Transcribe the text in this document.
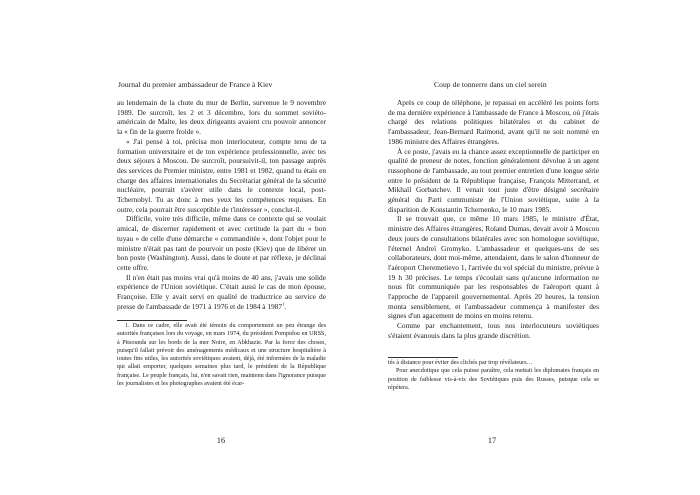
Journal du premier ambassadeur de France à Kiev

au lendemain de la chute du mur de Berlin, survenue le 9 novembre 1989. De surcroît, les 2 et 3 décembre, lors du sommet soviéto-américain de Malte, les deux dirigeants avaient cru pouvoir annoncer la « fin de la guerre froide ».

« J'ai pensé à toi, précisa mon interlocuteur, compte tenu de ta formation universitaire et de ton expérience professionnelle, avec tes deux séjours à Moscou. De surcroît, poursuivit-il, ton passage auprès des services du Premier ministre, entre 1981 et 1982, quand tu étais en charge des affaires internationales du Secrétariat général de la sécurité nucléaire, pourrait s'avérer utile dans le contexte local, post-Tchernobyl. Tu as donc à mes yeux les compétences requises. En outre, cela pourrait être susceptible de t'intéresser », conclut-il.

Difficile, voire très difficile, même dans ce contexte qui se voulait amical, de discerner rapidement et avec certitude la part du « bon tuyau » de celle d'une démarche « commanditée », dont l'objet pour le ministre n'était pas tant de pourvoir un poste (Kiev) que de libérer un bon poste (Washington). Aussi, dans le doute et par réflexe, je déclinai cette offre.

Il n'en était pas moins vrai qu'à moins de 40 ans, j'avais une solide expérience de l'Union soviétique. C'était aussi le cas de mon épouse, Françoise. Elle y avait servi en qualité de traductrice au service de presse de l'ambassade de 1971 à 1976 et de 1984 à 1987$^1$.

1. Dans ce cadre, elle avait été témoin du comportement un peu étrange des autorités françaises lors du voyage, en mars 1974, du président Pompidou en URSS, à Pitsounda sur les bords de la mer Noire, en Abkhazie. Par la force des choses, puisqu'il fallait prévoir des aménagements médicaux et une structure hospitalière à toutes fins utiles, les autorités soviétiques avaient, déjà, été informées de la maladie qui allait emporter, quelques semaines plus tard, le président de la République française. Le peuple français, lui, n'en savait rien, maintenu dans l'ignorance puisque les journalistes et les photographes avaient été écar-

16
Coup de tonnerre dans un ciel serein

Après ce coup de téléphone, je repassai en accéléré les points forts de ma dernière expérience à l'ambassade de France à Moscou, où j'étais chargé des relations politiques bilatérales et du cabinet de l'ambassadeur, Jean-Bernard Raimond, avant qu'il ne soit nommé en 1986 ministre des Affaires étrangères.

À ce poste, j'avais eu la chance assez exceptionnelle de participer en qualité de preneur de notes, fonction généralement dévolue à un agent russophone de l'ambassade, au tout premier entretien d'une longue série entre le président de la République française, François Mitterrand, et Mikhaïl Gorbatchev. Il venait tout juste d'être désigné secrétaire général du Parti communiste de l'Union soviétique, suite à la disparition de Konstantin Tchernenko, le 10 mars 1985.

Il se trouvait que, ce même 10 mars 1985, le ministre d'État, ministre des Affaires étrangères, Roland Dumas, devait avoir à Moscou deux jours de consultations bilatérales avec son homologue soviétique, l'éternel Andreï Gromyko. L'ambassadeur et quelques-uns de ses collaborateurs, dont moi-même, attendaient, dans le salon d'honneur de l'aéroport Cheremetievo 1, l'arrivée du vol spécial du ministre, prévue à 19 h 30 précises. Le temps s'écoulait sans qu'aucune information ne nous fût communiquée par les responsables de l'aéroport quant à l'approche de l'appareil gouvernemental. Après 20 heures, la tension monta sensiblement, et l'ambassadeur commença à manifester des signes d'un agacement de moins en moins retenu.

Comme par enchantement, tous nos interlocuteurs soviétiques s'étaient évanouis dans la plus grande discrétion.

tés à distance pour éviter des clichés par trop révélateurs…

Pour anecdotique que cela puisse paraître, cela mettait les diplomates français en position de faiblesse vis-à-vis des Soviétiques puis des Russes, puisque cela se répétera.

17
